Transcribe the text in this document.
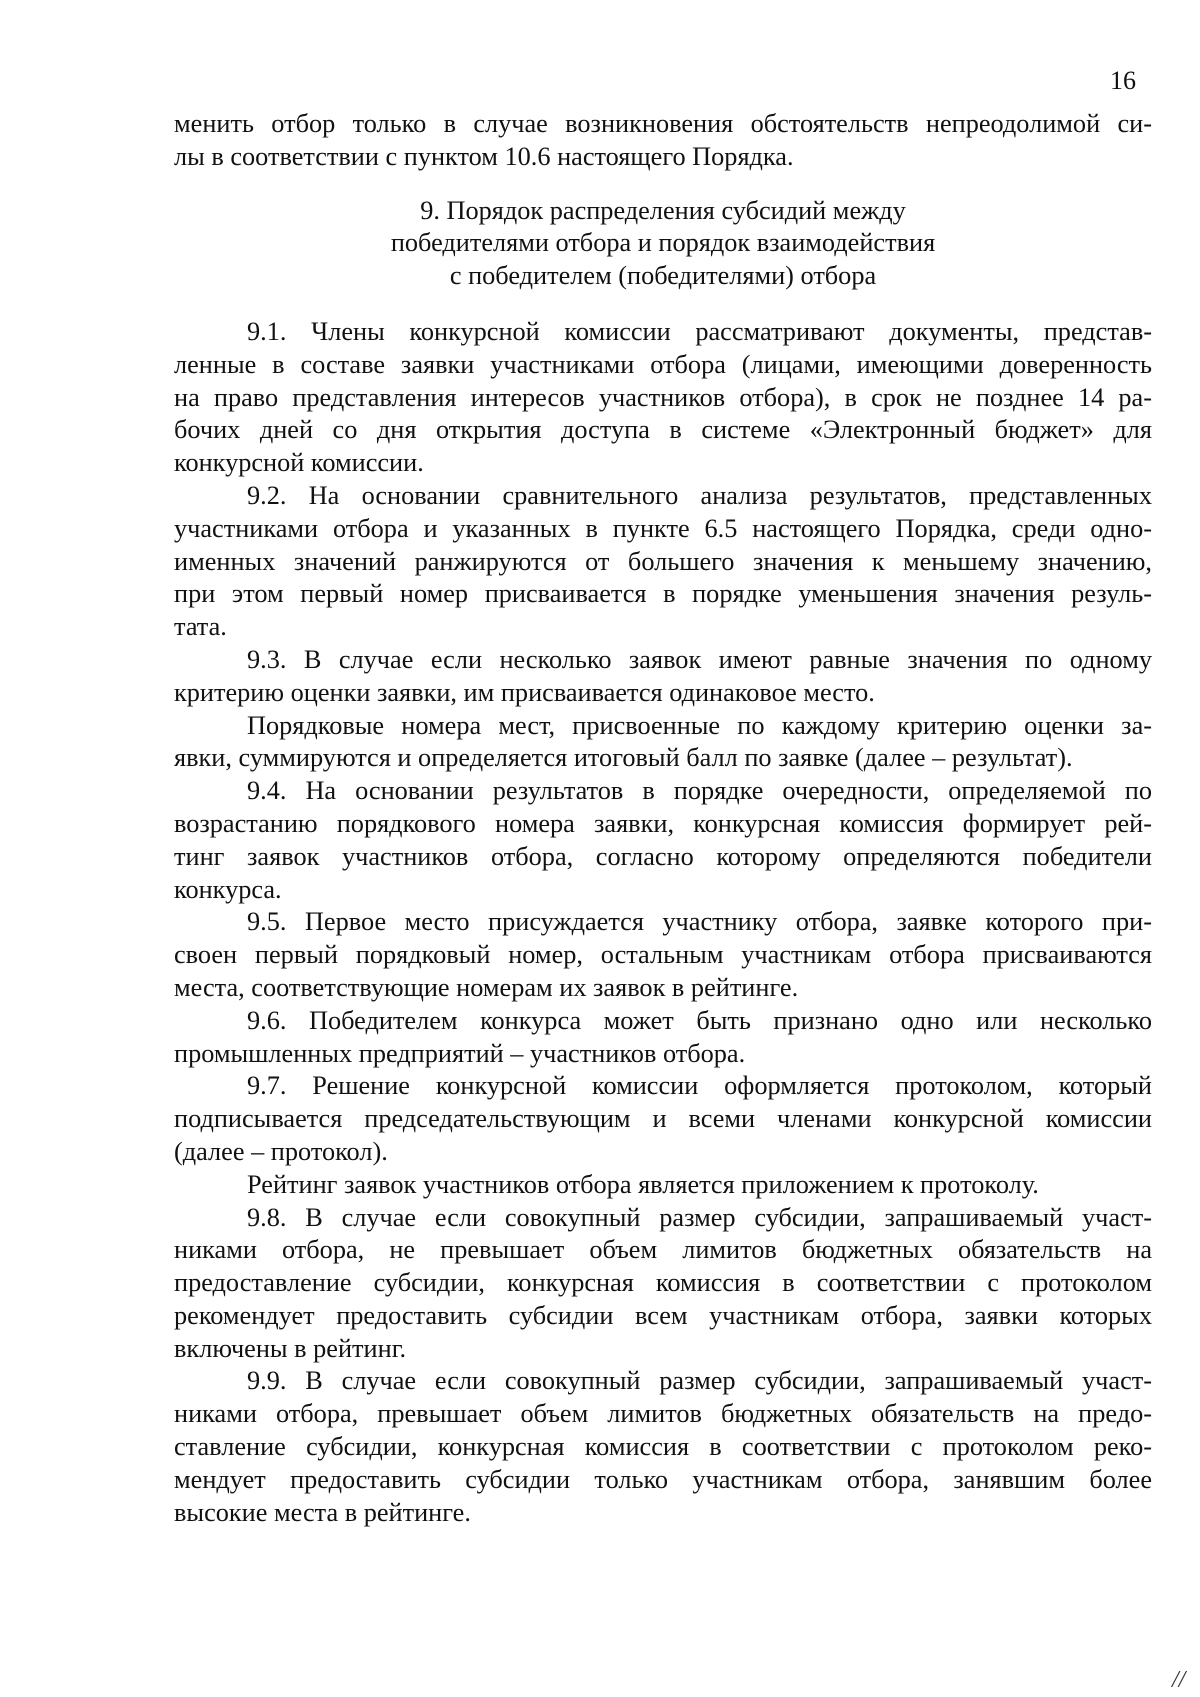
16
менить отбор только в случае возникновения обстоятельств непреодолимой си-
лы в соответствии с пунктом 10.6 настоящего Порядка.
9. Порядок распределения субсидий между
победителями отбора и порядок взаимодействия
с победителем (победителями) отбора
9.1. Члены конкурсной комиссии рассматривают документы, представ-
ленные в составе заявки участниками отбора (лицами, имеющими доверенность
на право представления интересов участников отбора), в срок не позднее 14 ра-
бочих дней со дня открытия доступа в системе «Электронный бюджет» для
конкурсной комиссии.
9.2. На основании сравнительного анализа результатов, представленных
участниками отбора и указанных в пункте 6.5 настоящего Порядка, среди одно-
именных значений ранжируются от большего значения к меньшему значению,
при этом первый номер присваивается в порядке уменьшения значения резуль-
тата.
9.3. В случае если несколько заявок имеют равные значения по одному
критерию оценки заявки, им присваивается одинаковое место.
Порядковые номера мест, присвоенные по каждому критерию оценки за-
явки, суммируются и определяется итоговый балл по заявке (далее – результат).
9.4. На основании результатов в порядке очередности, определяемой по
возрастанию порядкового номера заявки, конкурсная комиссия формирует рей-
тинг заявок участников отбора, согласно которому определяются победители
конкурса.
9.5. Первое место присуждается участнику отбора, заявке которого при-
своен первый порядковый номер, остальным участникам отбора присваиваются
места, соответствующие номерам их заявок в рейтинге.
9.6. Победителем конкурса может быть признано одно или несколько
промышленных предприятий – участников отбора.
9.7. Решение конкурсной комиссии оформляется протоколом, который
подписывается председательствующим и всеми членами конкурсной комиссии
(далее – протокол).
Рейтинг заявок участников отбора является приложением к протоколу.
9.8. В случае если совокупный размер субсидии, запрашиваемый участ-
никами отбора, не превышает объем лимитов бюджетных обязательств на
предоставление субсидии, конкурсная комиссия в соответствии с протоколом
рекомендует предоставить субсидии всем участникам отбора, заявки которых
включены в рейтинг.
9.9. В случае если совокупный размер субсидии, запрашиваемый участ-
никами отбора, превышает объем лимитов бюджетных обязательств на предо-
ставление субсидии, конкурсная комиссия в соответствии с протоколом реко-
мендует предоставить субсидии только участникам отбора, занявшим более
высокие места в рейтинге.
//
